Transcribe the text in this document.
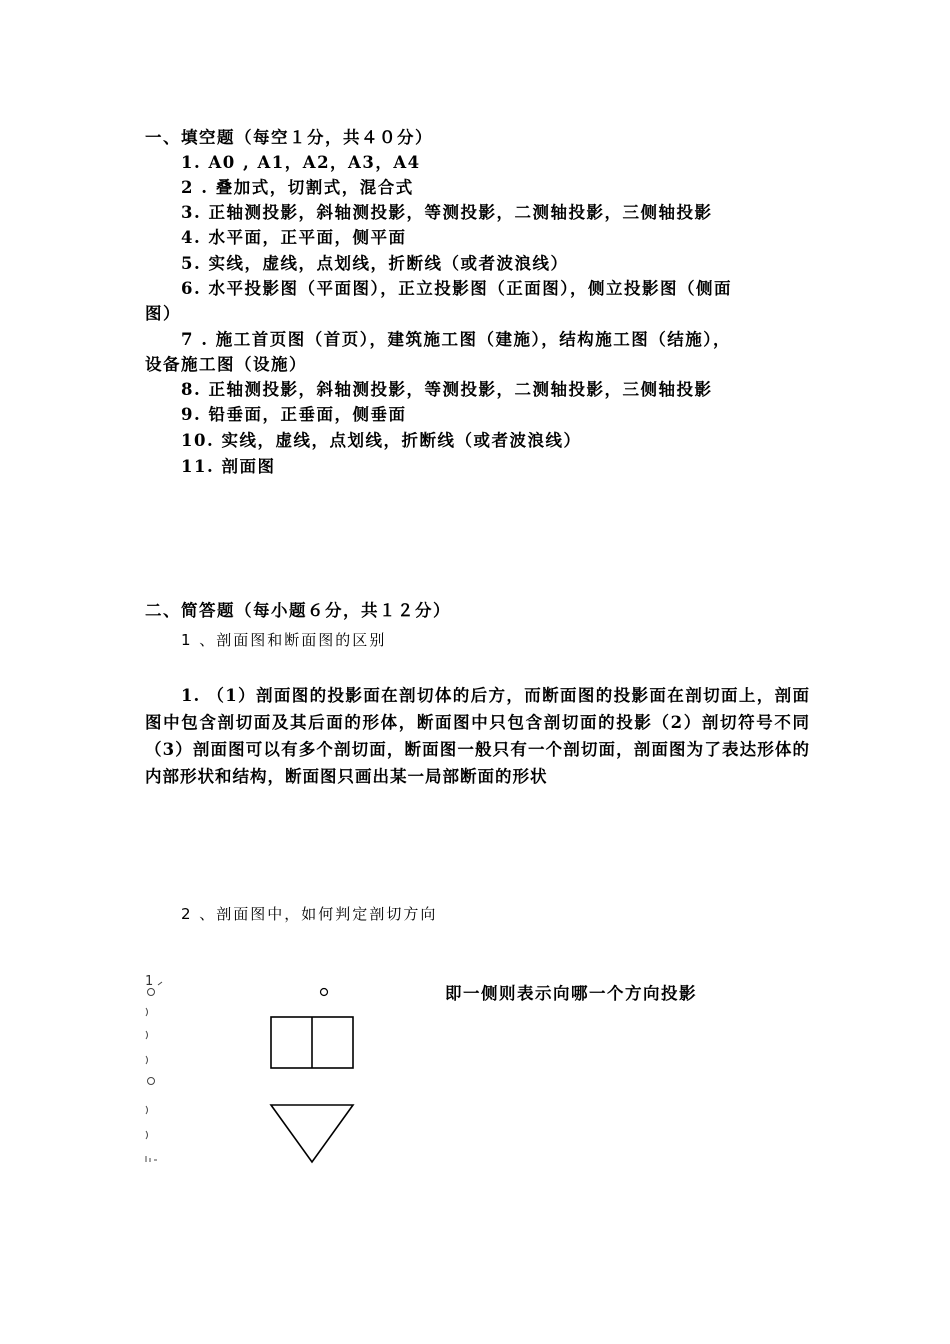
一、填空题（每空１分，共４０分）
1. A0 , A1，A2，A3，A4
2 . 叠加式，切割式，混合式
3. 正轴测投影，斜轴测投影，等测投影，二测轴投影，三侧轴投影
4. 水平面，正平面，侧平面
5. 实线，虚线，点划线，折断线（或者波浪线）
6. 水平投影图（平面图），正立投影图（正面图），侧立投影图（侧面
图）
7 . 施工首页图（首页），建筑施工图（建施），结构施工图（结施），
设备施工图（设施）
8. 正轴测投影，斜轴测投影，等测投影，二测轴投影，三侧轴投影
9. 铅垂面，正垂面，侧垂面
10. 实线，虚线，点划线，折断线（或者波浪线）
11. 剖面图
二、简答题（每小题６分，共１２分）
1 、剖面图和断面图的区别
1. （1）剖面图的投影面在剖切体的后方，而断面图的投影面在剖切面上，剖面图中包含剖切面及其后面的形体，断面图中只包含剖切面的投影（2）剖切符号不同（3）剖面图可以有多个剖切面，断面图一般只有一个剖切面，剖面图为了表达形体的内部形状和结构，断面图只画出某一局部断面的形状
2 、剖面图中，如何判定剖切方向
1
即一侧则表示向哪一个方向投影
